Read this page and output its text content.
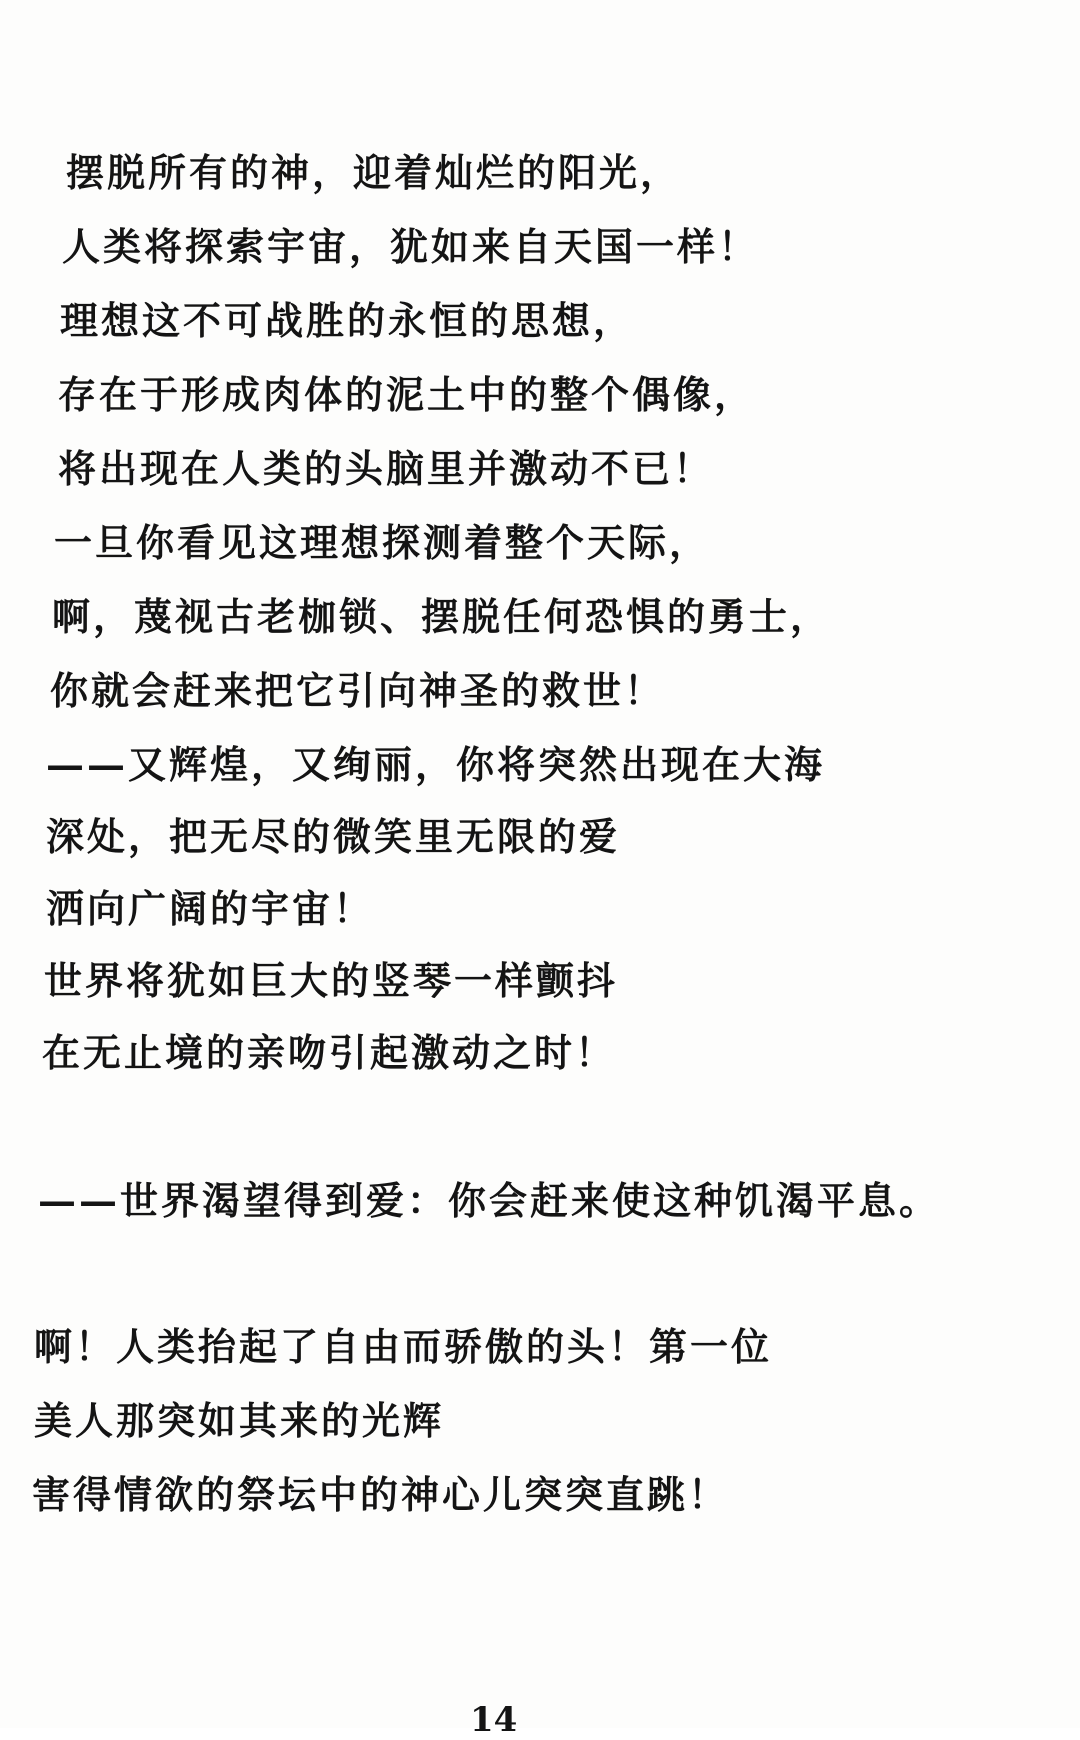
摆脱所有的神，迎着灿烂的阳光，
人类将探索宇宙，犹如来自天国一样！
理想这不可战胜的永恒的思想，
存在于形成肉体的泥土中的整个偶像，
将出现在人类的头脑里并激动不已！
一旦你看见这理想探测着整个天际，
啊，蔑视古老枷锁、摆脱任何恐惧的勇士，
你就会赶来把它引向神圣的救世！
——又辉煌，又绚丽，你将突然出现在大海
深处，把无尽的微笑里无限的爱
洒向广阔的宇宙！
世界将犹如巨大的竖琴一样颤抖
在无止境的亲吻引起激动之时！
——世界渴望得到爱：你会赶来使这种饥渴平息。
啊！人类抬起了自由而骄傲的头！第一位
美人那突如其来的光辉
害得情欲的祭坛中的神心儿突突直跳！
14
